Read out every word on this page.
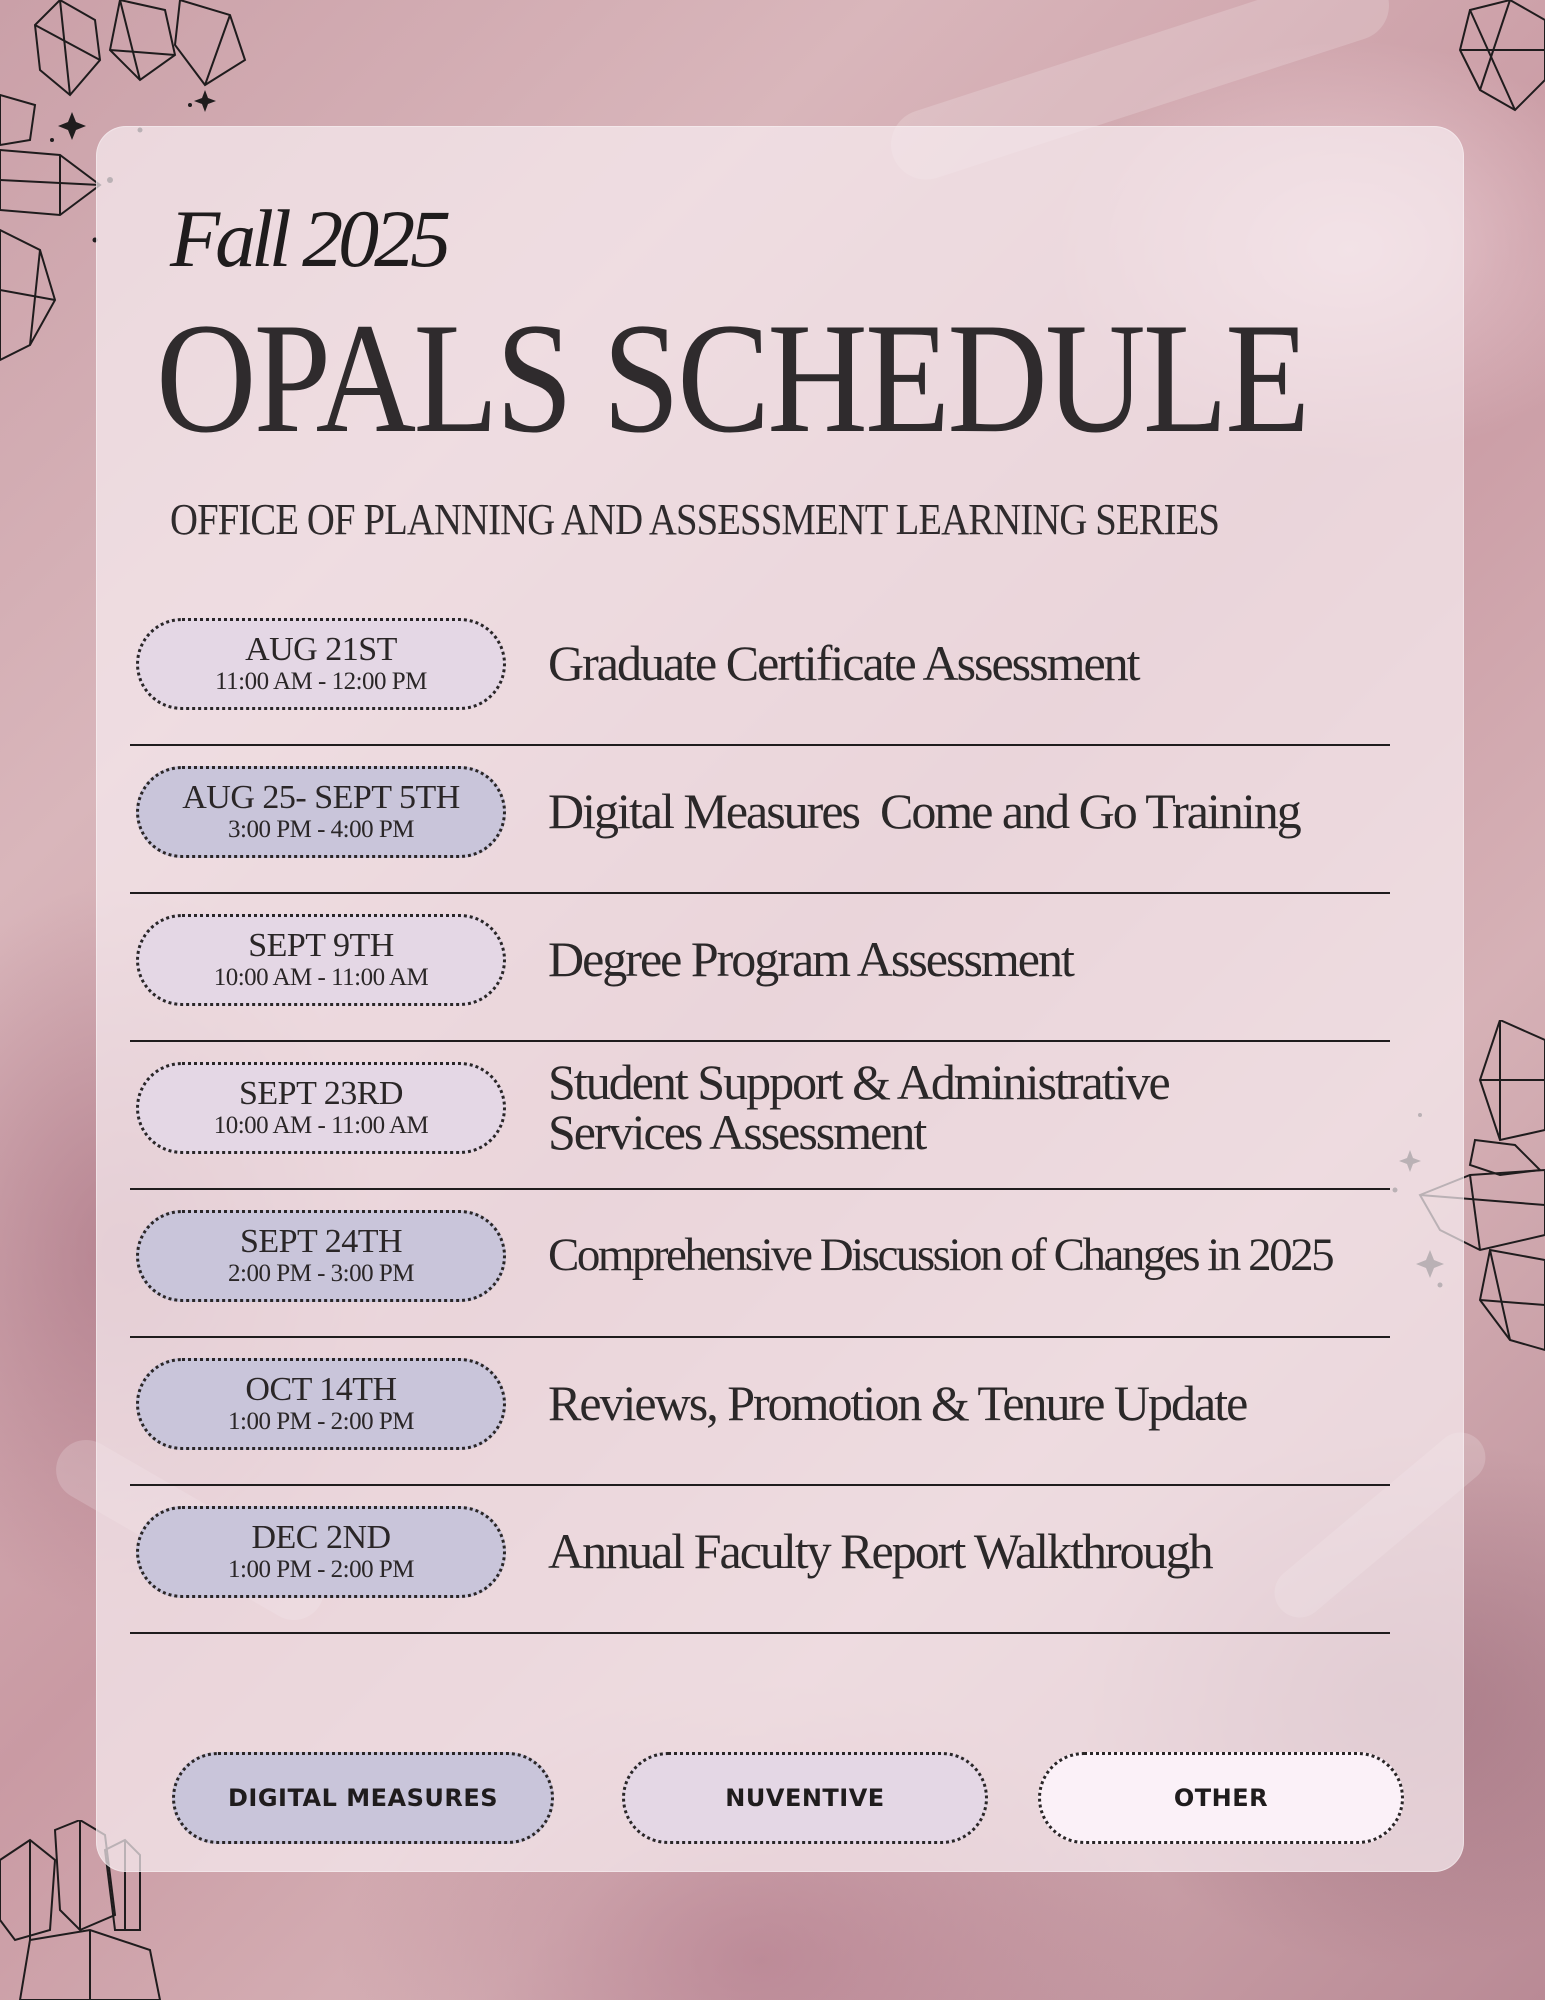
Fall 2025
OPALS SCHEDULE
OFFICE OF PLANNING AND ASSESSMENT LEARNING SERIES
AUG 21ST
11:00 AM - 12:00 PM Graduate Certificate Assessment
AUG 25- SEPT 5TH
3:00 PM - 4:00 PM	Digital Measures  Come and Go Training
SEPT 9TH
10:00 AM - 11:00 AM Degree Program Assessment
SEPT 23RD
10:00 AM - 11:00 AM
Student Support & Administrative
Services Assessment
SEPT 24TH
2:00 PM - 3:00 PM	Comprehensive Discussion of Changes in 2025
OCT 14TH
1:00 PM - 2:00 PM	Reviews, Promotion & Tenure Update
DEC 2ND
1:00 PM - 2:00 PM	Annual Faculty Report Walkthrough
DIGITAL MEASURES	NUVENTIVE	OTHER
